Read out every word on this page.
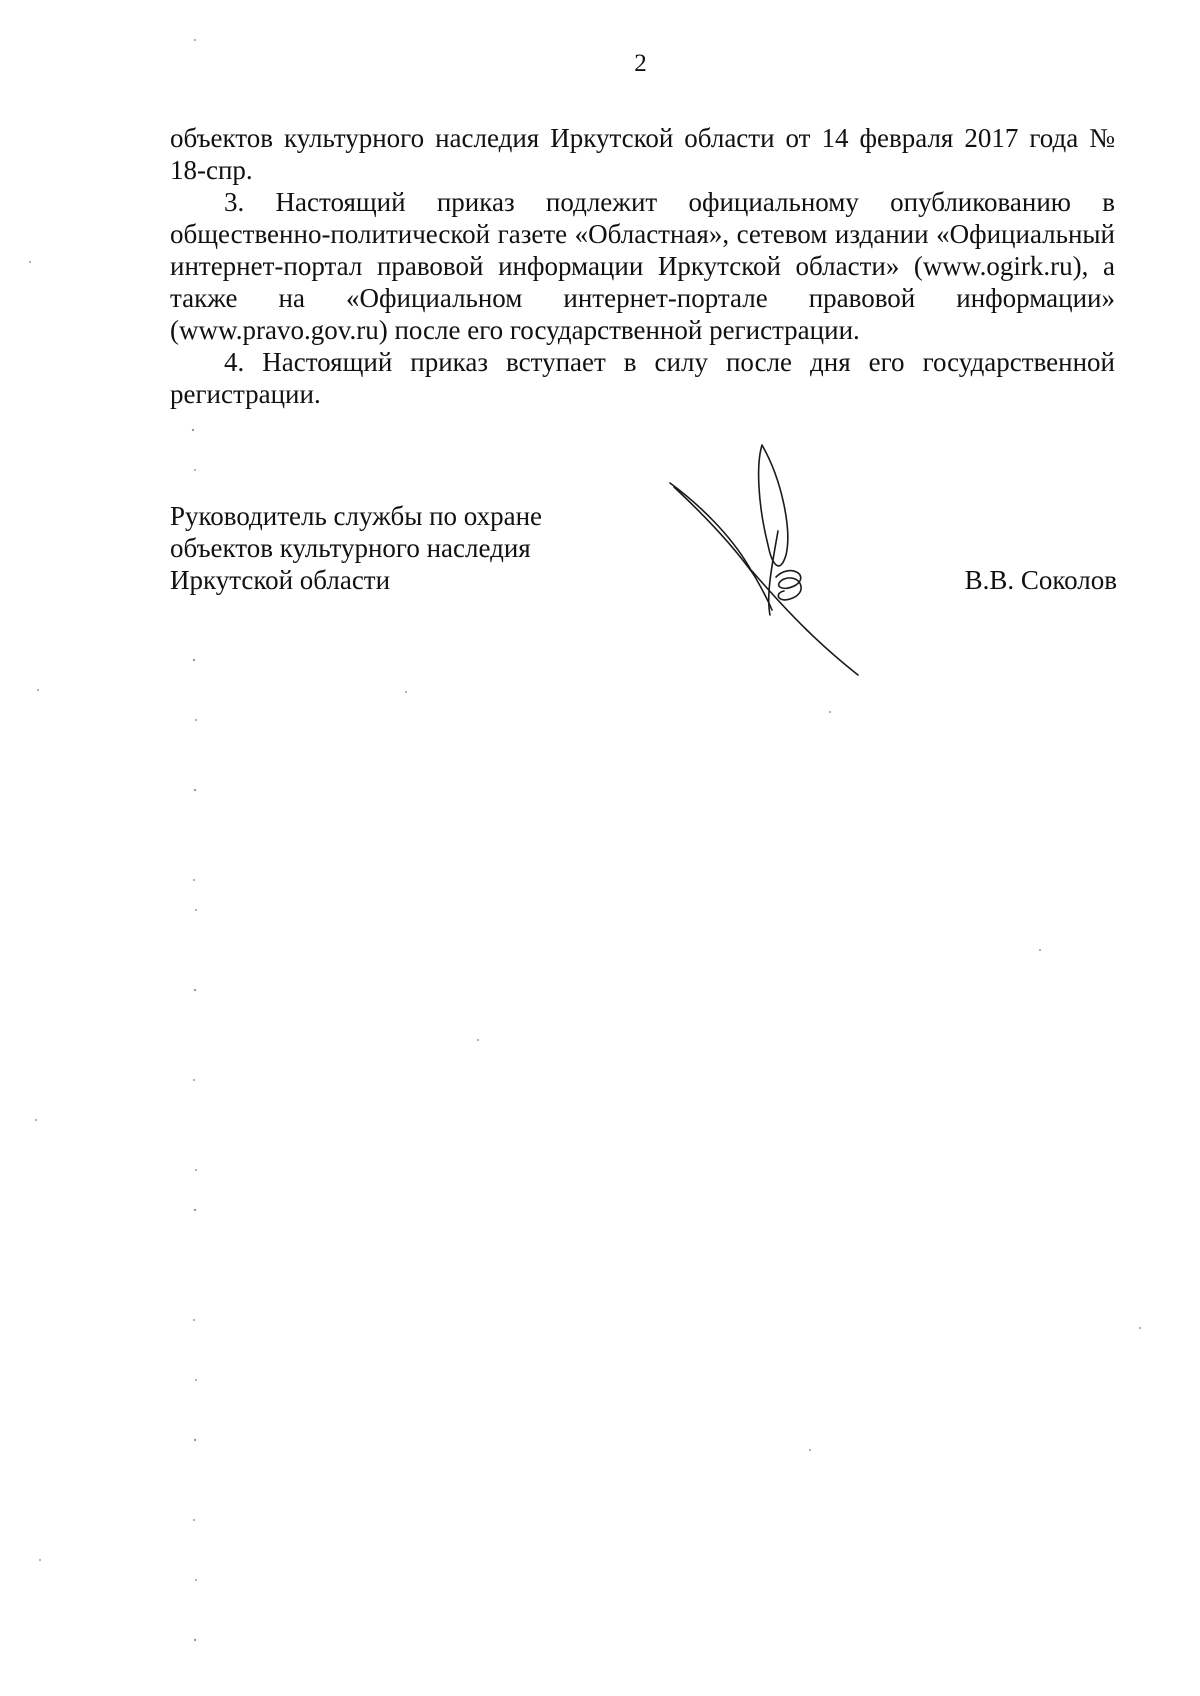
2

объектов культурного наследия Иркутской области от 14 февраля 2017 года № 18-спр.

3. Настоящий приказ подлежит официальному опубликованию в общественно-политической газете «Областная», сетевом издании «Официальный интернет-портал правовой информации Иркутской области» (www.ogirk.ru), а также на «Официальном интернет-портале правовой информации» (www.pravo.gov.ru) после его государственной регистрации.

4. Настоящий приказ вступает в силу после дня его государственной регистрации.

Руководитель службы по охране
объектов культурного наследия
Иркутской области	В.В. Соколов
